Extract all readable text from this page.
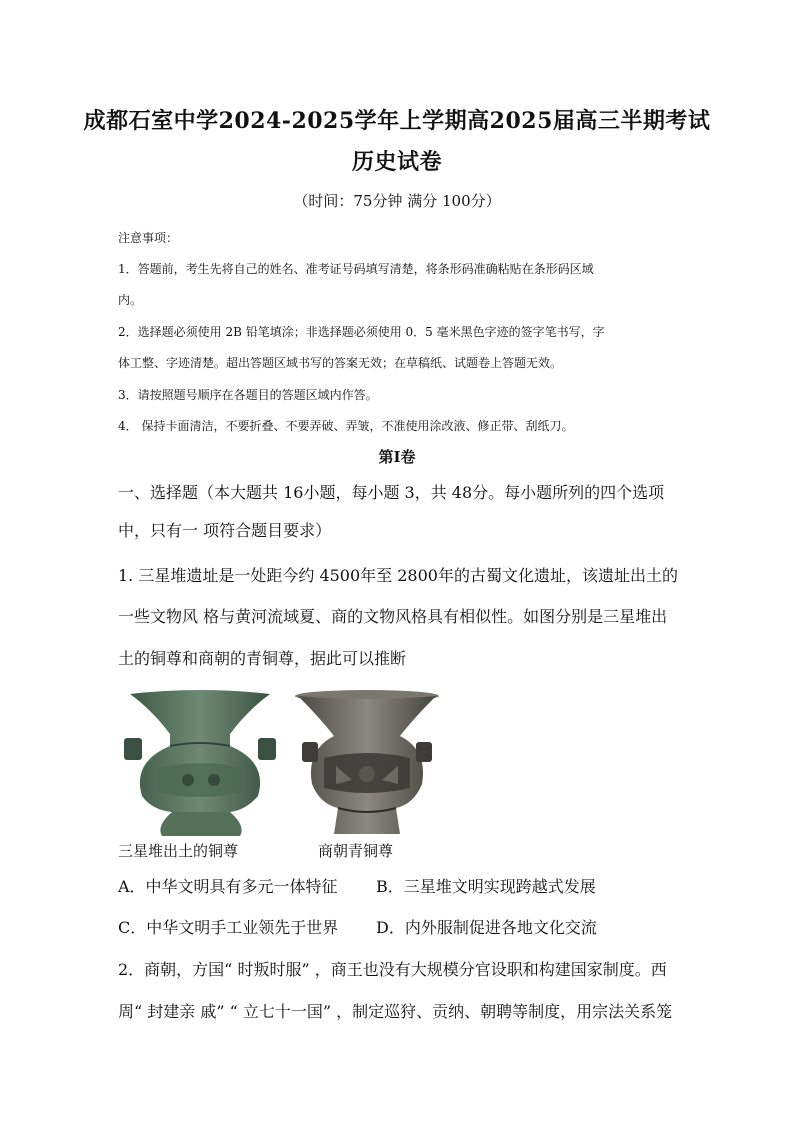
成都石室中学2024-2025学年上学期高2025届高三半期考试
历史试卷
（时间：75分钟 满分 100分）
注意事项：
1．答题前，考生先将自己的姓名、准考证号码填写清楚，将条形码准确粘贴在条形码区域
内。
2．选择题必须使用 2B 铅笔填涂；非选择题必须使用 0．5 毫米黑色字迹的签字笔书写，字
体工整、字迹清楚。超出答题区域书写的答案无效；在草稿纸、试题卷上答题无效。
3．请按照题号顺序在各题目的答题区域内作答。
4． 保持卡面清洁，不要折叠、不要弄破、弄皱，不准使用涂改液、修正带、刮纸刀。
第I卷
一、选择题（本大题共 16小题，每小题 3，共 48分。每小题所列的四个选项
中，只有一 项符合题目要求）
1. 三星堆遗址是一处距今约 4500年至 2800年的古蜀文化遗址，该遗址出土的
一些文物风 格与黄河流域夏、商的文物风格具有相似性。如图分别是三星堆出
土的铜尊和商朝的青铜尊，据此可以推断
三星堆出土的铜尊	商朝青铜尊
A．中华文明具有多元一体特征 B．三星堆文明实现跨越式发展
C．中华文明手工业领先于世界 D．内外服制促进各地文化交流
2．商朝，方国“ 时叛时服” ，商王也没有大规模分官设职和构建国家制度。西
周“ 封建亲 戚” “ 立七十一国” ，制定巡狩、贡纳、朝聘等制度，用宗法关系笼
